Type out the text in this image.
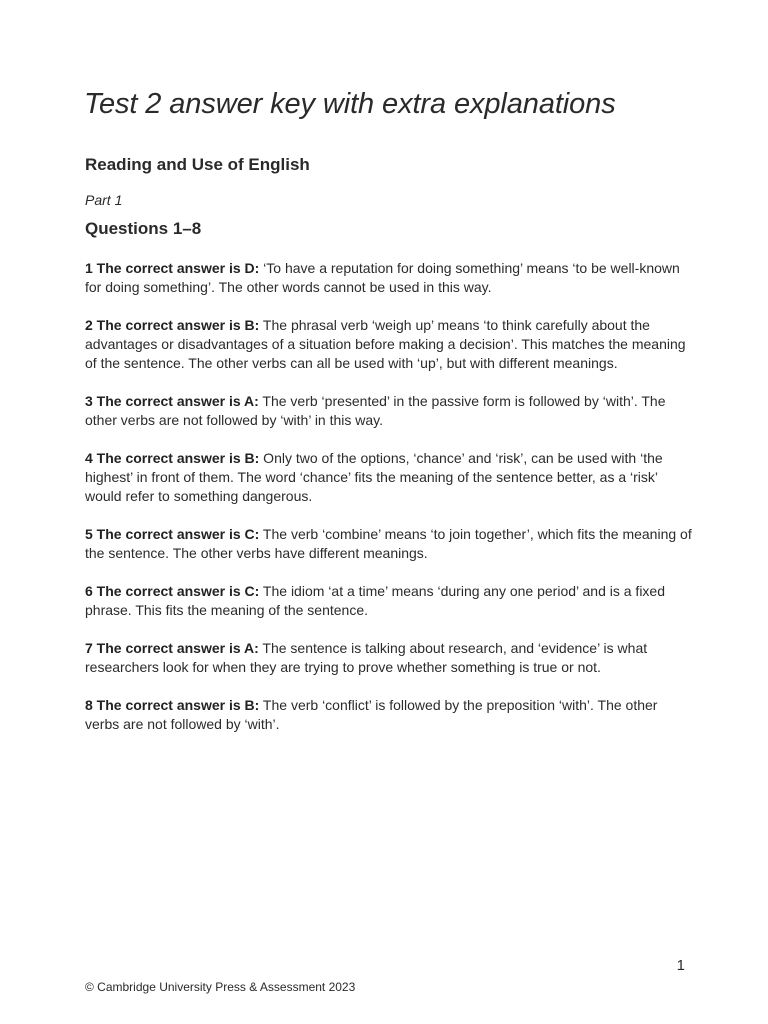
Test 2 answer key with extra explanations
Reading and Use of English

Part 1

Questions 1–8
1 The correct answer is D: ‘To have a reputation for doing something’ means ‘to be well-known for doing something’. The other words cannot be used in this way.
2 The correct answer is B: The phrasal verb ‘weigh up’ means ‘to think carefully about the advantages or disadvantages of a situation before making a decision’. This matches the meaning of the sentence. The other verbs can all be used with ‘up’, but with different meanings.
3 The correct answer is A: The verb ‘presented’ in the passive form is followed by ‘with’. The other verbs are not followed by ‘with’ in this way.
4 The correct answer is B: Only two of the options, ‘chance’ and ‘risk’, can be used with ‘the highest’ in front of them. The word ‘chance’ fits the meaning of the sentence better, as a ‘risk’ would refer to something dangerous.
5 The correct answer is C: The verb ‘combine’ means ‘to join together’, which fits the meaning of the sentence. The other verbs have different meanings.
6 The correct answer is C: The idiom ‘at a time’ means ‘during any one period’ and is a fixed phrase. This fits the meaning of the sentence.
7 The correct answer is A: The sentence is talking about research, and ‘evidence’ is what researchers look for when they are trying to prove whether something is true or not.
8 The correct answer is B: The verb ‘conflict’ is followed by the preposition ‘with’. The other verbs are not followed by ‘with’.
1
© Cambridge University Press & Assessment 2023
